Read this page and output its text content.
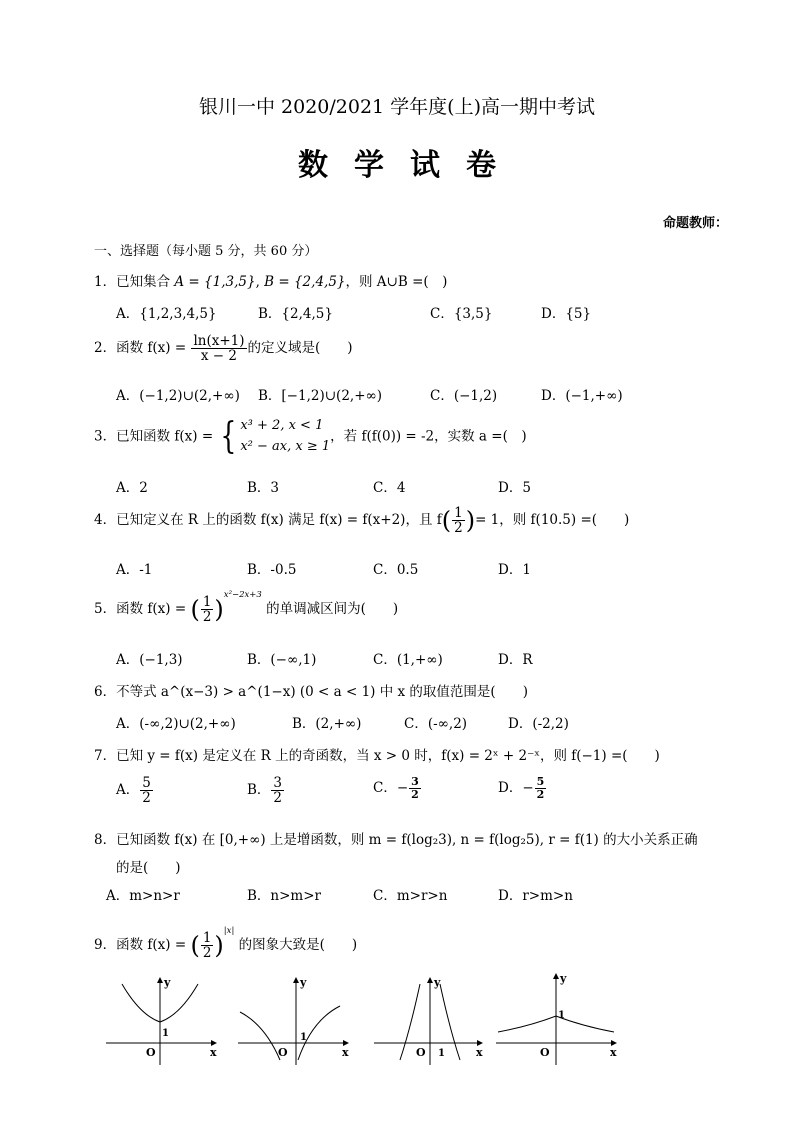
银川一中 2020/2021 学年度(上)高一期中考试
数学试卷
命题教师：
一、选择题（每小题 5 分，共 60 分）
1．已知集合 A = {1,3,5}, B = {2,4,5}，则 A∪B =(　)
A．{1,2,3,4,5}	B．{2,4,5}	C．{3,5}	D．{5}
2．函数 $f(x) = \frac{\ln(x+1)}{x - 2}$ 的定义域是(　　)
A．(−1,2)∪(2,+∞) B．[−1,2)∪(2,+∞)	C．(−1,2)	D．(−1,+∞)
3．已知函数 f(x) = { x³ + 2, x < 1
x² − ax, x ≥ 1，若 f(f(0)) = -2，实数 a =(　)
A．2	B．3	C．4	D．5
4．已知定义在 R 上的函数 f(x) 满足 f(x) = f(x+2)，且 $f( \frac{1}{2}$ )= 1，则 f(10.5) =(　　)
A．-1	B．-0.5	C．0.5	D．1
5．函数 f(x) = ( $\frac{1}{2} )^{x^2-2x+3}$ 的单调减区间为(　　)
A．(−1,3)	B．(−∞,1)	C．(1,+∞)	D．R
6．不等式 a^(x−3) > a^(1−x) (0 < a < 1) 中 x 的取值范围是(　　)
A．(-∞,2)∪(2,+∞)	B．(2,+∞)	C．(-∞,2)	D．(-2,2)
7．已知 y = f(x) 是定义在 R 上的奇函数，当 x > 0 时，f(x) = 2ˣ + 2⁻ˣ，则 f(−1) =(　　)
A． $\frac{5}{2}$	B． $\frac{3}{2}$	C．− $\frac{3}{2}$	D．− $\frac{5}{2}$
8．已知函数 f(x) 在 [0,+∞) 上是增函数，则 m = f(log₂3), n = f(log₂5), r = f(1) 的大小关系正确
的是(　　)
A．m>n>r	B．n>m>r	C．m>r>n	D．r>m>n
9．函数 f(x) = ( $\frac{1}{2} )^{|x|}$ 的图象大致是(　　)
y
x
O
1
y
x
O
1
y
x
O 1
y
x
O
1
